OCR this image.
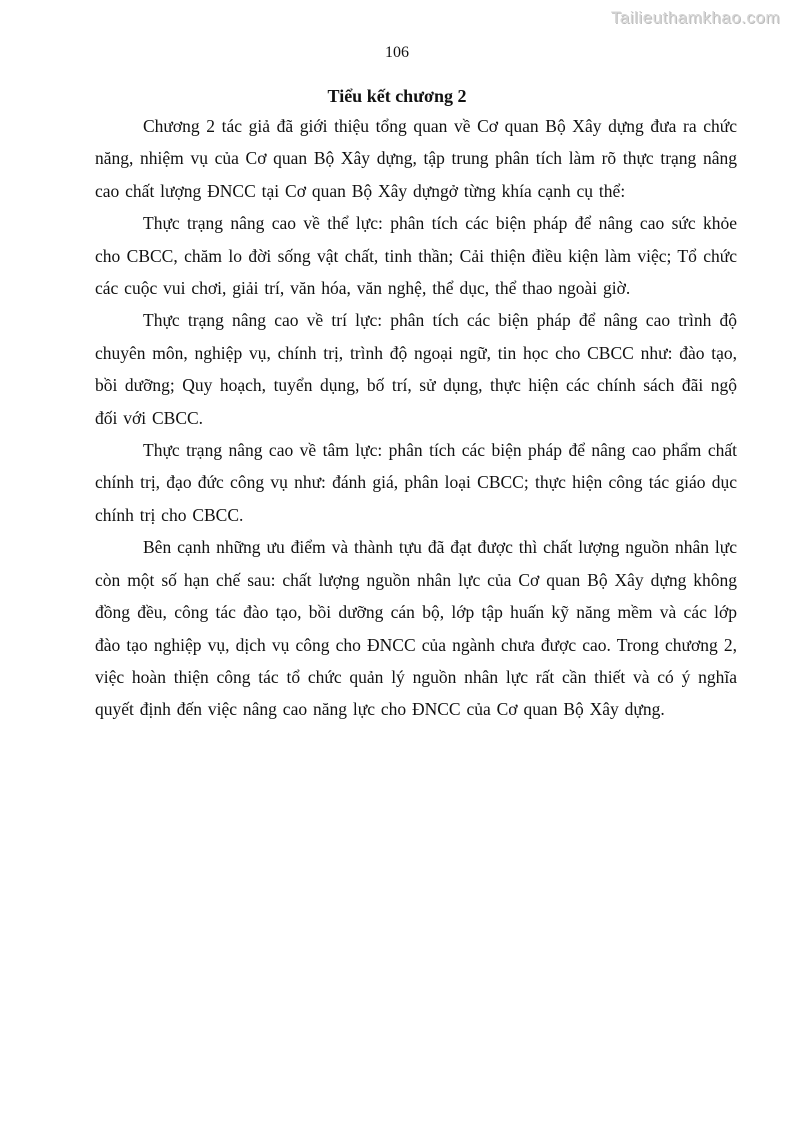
Tailieuthamkhao.com
106
Tiểu kết chương 2

Chương 2 tác giả đã giới thiệu tổng quan về Cơ quan Bộ Xây dựng đưa ra chức năng, nhiệm vụ của Cơ quan Bộ Xây dựng, tập trung phân tích làm rõ thực trạng nâng cao chất lượng ĐNCC tại Cơ quan Bộ Xây dựngở từng khía cạnh cụ thể:

Thực trạng nâng cao về thể lực: phân tích các biện pháp để nâng cao sức khỏe cho CBCC, chăm lo đời sống vật chất, tinh thần; Cải thiện điều kiện làm việc; Tổ chức các cuộc vui chơi, giải trí, văn hóa, văn nghệ, thể dục, thể thao ngoài giờ.

Thực trạng nâng cao về trí lực: phân tích các biện pháp để nâng cao trình độ chuyên môn, nghiệp vụ, chính trị, trình độ ngoại ngữ, tin học cho CBCC như: đào tạo, bồi dưỡng; Quy hoạch, tuyển dụng, bố trí, sử dụng, thực hiện các chính sách đãi ngộ đối với CBCC.

Thực trạng nâng cao về tâm lực: phân tích các biện pháp để nâng cao phẩm chất chính trị, đạo đức công vụ như: đánh giá, phân loại CBCC; thực hiện công tác giáo dục chính trị cho CBCC.

Bên cạnh những ưu điểm và thành tựu đã đạt được thì chất lượng nguồn nhân lực còn một số hạn chế sau: chất lượng nguồn nhân lực của Cơ quan Bộ Xây dựng không đồng đều, công tác đào tạo, bồi dưỡng cán bộ, lớp tập huấn kỹ năng mềm và các lớp đào tạo nghiệp vụ, dịch vụ công cho ĐNCC của ngành chưa được cao. Trong chương 2, việc hoàn thiện công tác tổ chức quản lý nguồn nhân lực rất cần thiết và có ý nghĩa quyết định đến việc nâng cao năng lực cho ĐNCC của Cơ quan Bộ Xây dựng.
